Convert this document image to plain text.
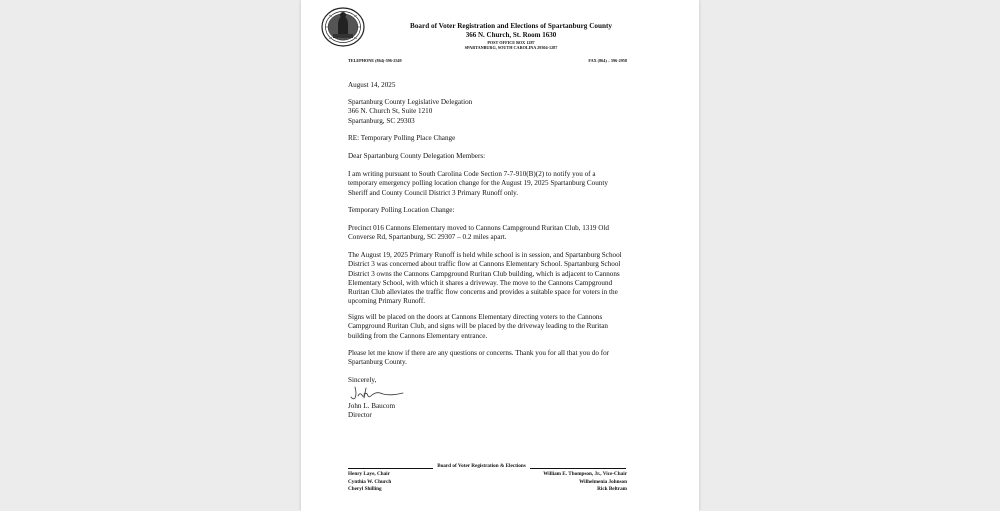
Board of Voter Registration and Elections of Spartanburg County
366 N. Church, St. Room 1630
POST OFFICE BOX 1287
SPARTANBURG, SOUTH CAROLINA 29304-1287
TELEPHONE (864)-596-2549	FAX (864) – 596-2958
August 14, 2025
Spartanburg County Legislative Delegation
366 N. Church St, Suite 1210
Spartanburg, SC 29303
RE: Temporary Polling Place Change
Dear Spartanburg County Delegation Members:
I am writing pursuant to South Carolina Code Section 7-7-910(B)(2) to notify you of a
temporary emergency polling location change for the August 19, 2025 Spartanburg County
Sheriff and County Council District 3 Primary Runoff only.
Temporary Polling Location Change:
Precinct 016 Cannons Elementary moved to Cannons Campground Ruritan Club, 1319 Old
Converse Rd, Spartanburg, SC 29307 – 0.2 miles apart.
The August 19, 2025 Primary Runoff is held while school is in session, and Spartanburg School
District 3 was concerned about traffic flow at Cannons Elementary School. Spartanburg School
District 3 owns the Cannons Campground Ruritan Club building, which is adjacent to Cannons
Elementary School, with which it shares a driveway. The move to the Cannons Campground
Ruritan Club alleviates the traffic flow concerns and provides a suitable space for voters in the
upcoming Primary Runoff.
Signs will be placed on the doors at Cannons Elementary directing voters to the Cannons
Campground Ruritan Club, and signs will be placed by the driveway leading to the Ruritan
building from the Cannons Elementary entrance.
Please let me know if there are any questions or concerns. Thank you for all that you do for
Spartanburg County.
Sincerely,
John L. Baucom
Director
Board of Voter Registration & Elections
Henry Laye, Chair
Cynthia W. Church
Cheryl Shilling
William E. Thompson, Jr., Vice-Chair
Wilhelmenia Johnson
Rick Beltram
